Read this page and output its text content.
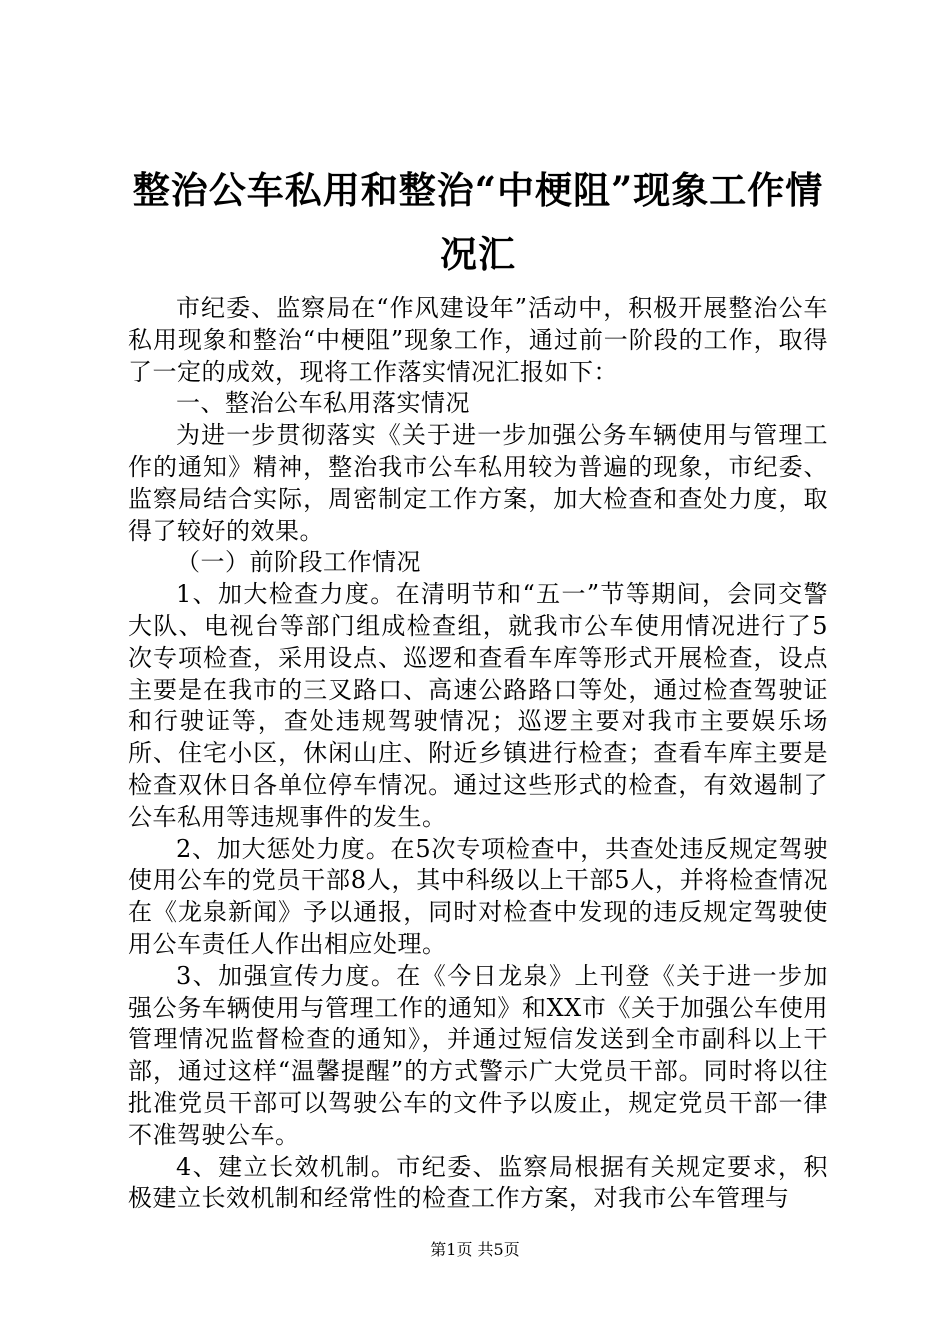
整治公车私用和整治“中梗阻”现象工作情况汇

市纪委、监察局在“作风建设年”活动中，积极开展整治公车私用现象和整治“中梗阻”现象工作，通过前一阶段的工作，取得了一定的成效，现将工作落实情况汇报如下：

一、整治公车私用落实情况

为进一步贯彻落实《关于进一步加强公务车辆使用与管理工作的通知》精神，整治我市公车私用较为普遍的现象，市纪委、监察局结合实际，周密制定工作方案，加大检查和查处力度，取得了较好的效果。

（一）前阶段工作情况

1、加大检查力度。在清明节和“五一”节等期间，会同交警大队、电视台等部门组成检查组，就我市公车使用情况进行了5次专项检查，采用设点、巡逻和查看车库等形式开展检查，设点主要是在我市的三叉路口、高速公路路口等处，通过检查驾驶证和行驶证等，查处违规驾驶情况；巡逻主要对我市主要娱乐场所、住宅小区，休闲山庄、附近乡镇进行检查；查看车库主要是检查双休日各单位停车情况。通过这些形式的检查，有效遏制了公车私用等违规事件的发生。

2、加大惩处力度。在5次专项检查中，共查处违反规定驾驶使用公车的党员干部8人，其中科级以上干部5人，并将检查情况在《龙泉新闻》予以通报，同时对检查中发现的违反规定驾驶使用公车责任人作出相应处理。

3、加强宣传力度。在《今日龙泉》上刊登《关于进一步加强公务车辆使用与管理工作的通知》和XX市《关于加强公车使用管理情况监督检查的通知》，并通过短信发送到全市副科以上干部，通过这样“温馨提醒”的方式警示广大党员干部。同时将以往批准党员干部可以驾驶公车的文件予以废止，规定党员干部一律不准驾驶公车。

4、建立长效机制。市纪委、监察局根据有关规定要求，积极建立长效机制和经常性的检查工作方案，对我市公车管理与

第1页 共5页
